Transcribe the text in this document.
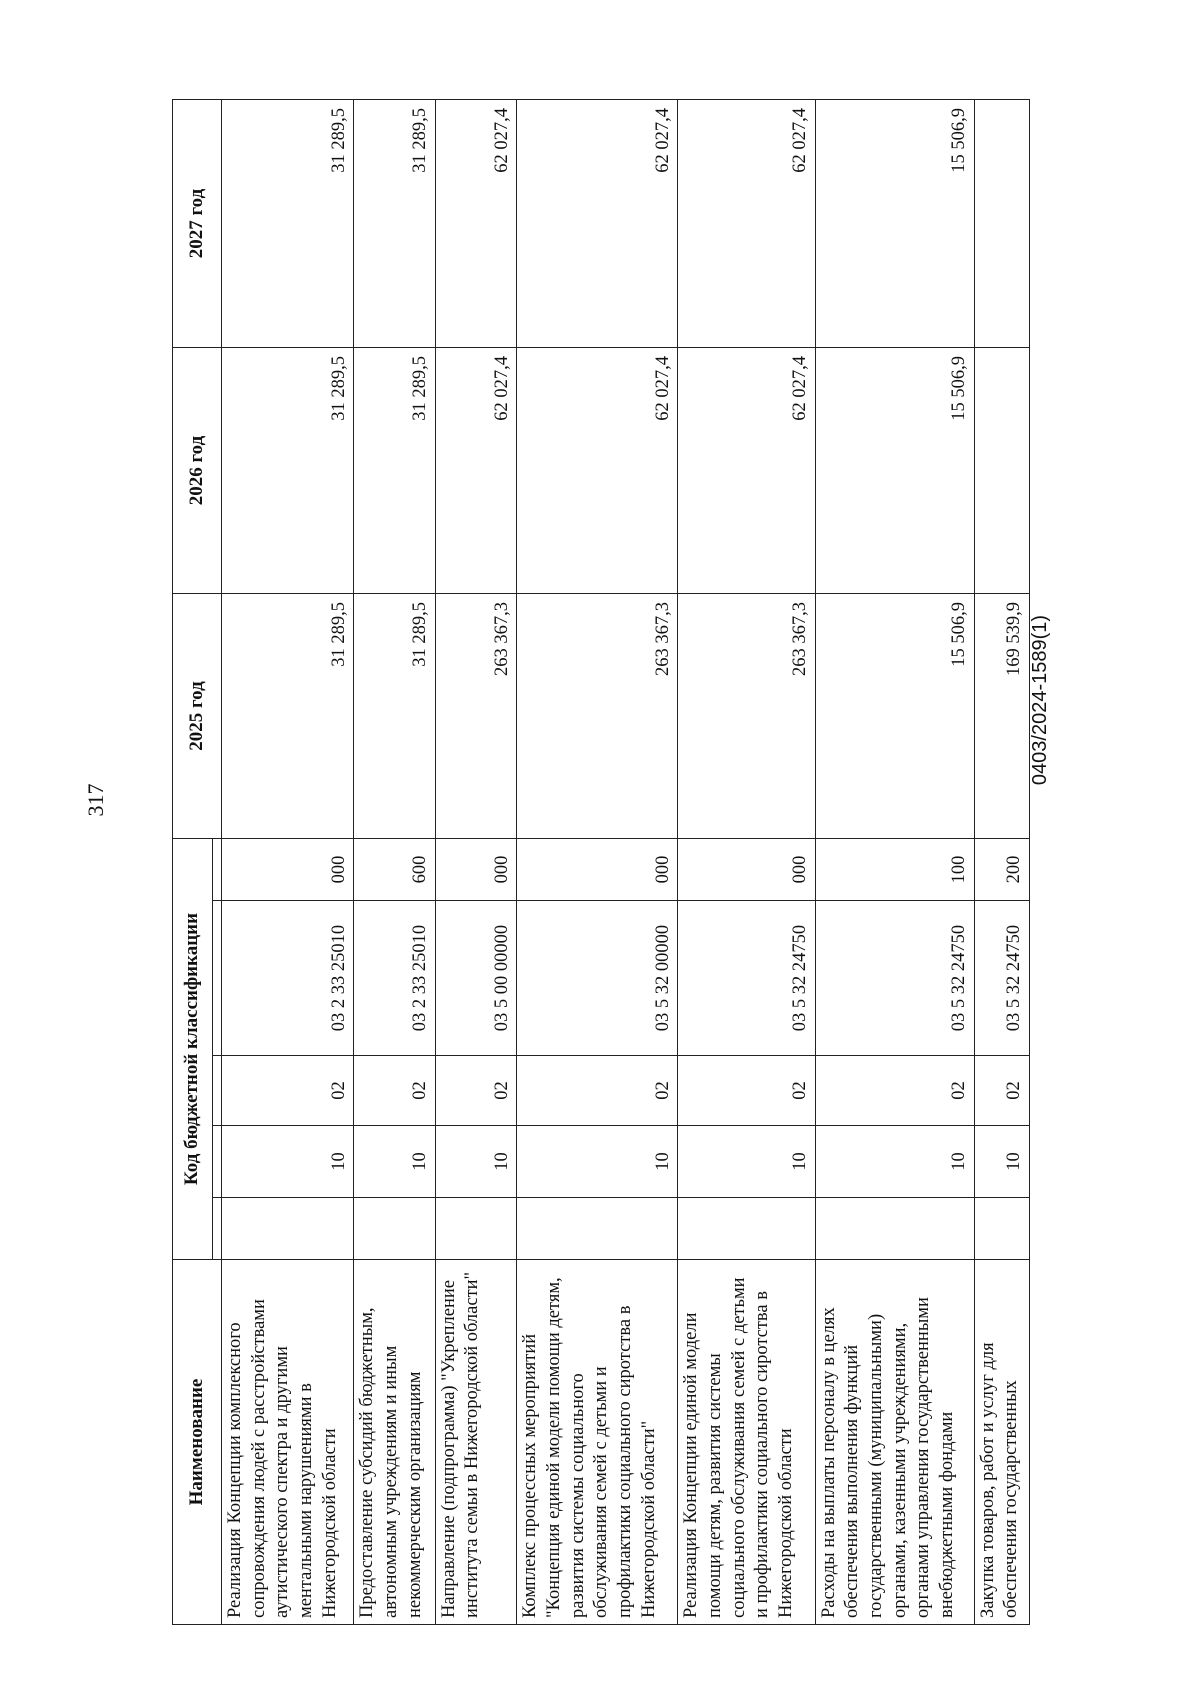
317
0403/2024-1589(1)
Наименование	Код бюджетной классификации					2025 год	2026 год	2027 год

Реализация Концепции комплексного сопровождения людей с расстройствами аутистического спектра и другими ментальными нарушениями в Нижегородской области		10	02	03 2 33 25010	000	31 289,5	31 289,5	31 289,5
Предоставление субсидий бюджетным, автономным учреждениям и иным некоммерческим организациям		10	02	03 2 33 25010	600	31 289,5	31 289,5	31 289,5
Направление (подпрограмма) "Укрепление института семьи в Нижегородской области"		10	02	03 5 00 00000	000	263 367,3	62 027,4	62 027,4
Комплекс процессных мероприятий "Концепция единой модели помощи детям, развития системы социального обслуживания семей с детьми и профилактики социального сиротства в Нижегородской области"		10	02	03 5 32 00000	000	263 367,3	62 027,4	62 027,4
Реализация Концепции единой модели помощи детям, развития системы социального обслуживания семей с детьми и профилактики социального сиротства в Нижегородской области		10	02	03 5 32 24750	000	263 367,3	62 027,4	62 027,4
Расходы на выплаты персоналу в целях обеспечения выполнения функций государственными (муниципальными) органами, казенными учреждениями, органами управления государственными внебюджетными фондами		10	02	03 5 32 24750	100	15 506,9	15 506,9	15 506,9
Закупка товаров, работ и услуг для обеспечения государственных		10	02	03 5 32 24750	200	169 539,9		
